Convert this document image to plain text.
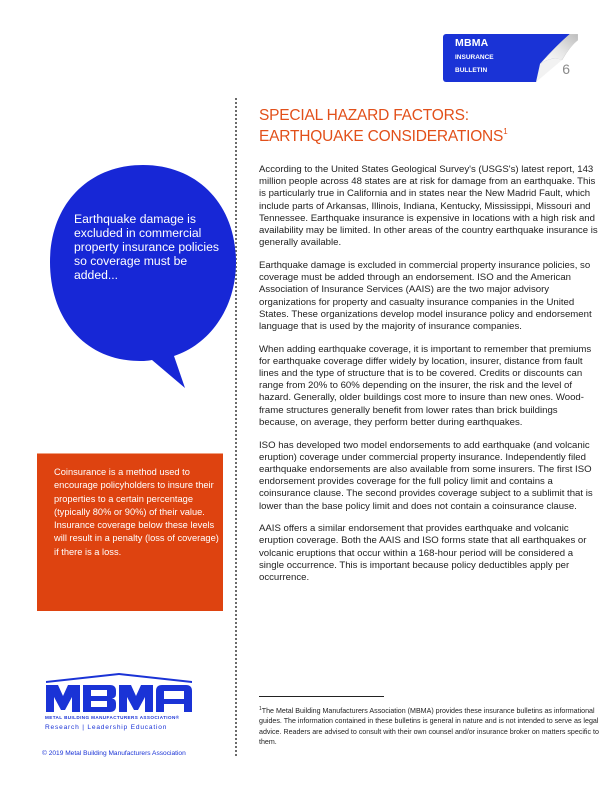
MBMA
INSURANCE
BULLETIN	6
SPECIAL HAZARD FACTORS:
EARTHQUAKE CONSIDERATIONS$^1$

According to the United States Geological Survey's (USGS's) latest report, 143 million people across 48 states are at risk for damage from an earthquake. This is particularly true in California and in states near the New Madrid Fault, which include parts of Arkansas, Illinois, Indiana, Kentucky, Mississippi, Missouri and Tennessee. Earthquake insurance is expensive in locations with a high risk and availability may be limited. In other areas of the country earthquake insurance is generally available.

Earthquake damage is excluded in commercial property insurance policies, so coverage must be added through an endorsement. ISO and the American Association of Insurance Services (AAIS) are the two major advisory organizations for property and casualty insurance companies in the United States. These organizations develop model insurance policy and endorsement language that is used by the majority of insurance companies.

When adding earthquake coverage, it is important to remember that premiums for earthquake coverage differ widely by location, insurer, distance from fault lines and the type of structure that is to be covered. Credits or discounts can range from 20% to 60% depending on the insurer, the risk and the level of hazard. Generally, older buildings cost more to insure than new ones. Wood-frame structures generally benefit from lower rates than brick buildings because, on average, they perform better during earthquakes.

ISO has developed two model endorsements to add earthquake (and volcanic eruption) coverage under commercial property insurance. Independently filed earthquake endorsements are also available from some insurers. The first ISO endorsement provides coverage for the full policy limit and contains a coinsurance clause. The second provides coverage subject to a sublimit that is lower than the base policy limit and does not contain a coinsurance clause.

AAIS offers a similar endorsement that provides earthquake and volcanic eruption coverage. Both the AAIS and ISO forms state that all earthquakes or volcanic eruptions that occur within a 168-hour period will be considered a single occurrence. This is important because policy deductibles apply per occurrence.

Earthquake damage is excluded in commercial property insurance policies so coverage must be added...
Coinsurance is a method used to encourage policyholders to insure their properties to a certain percentage (typically 80% or 90%) of their value. Insurance coverage below these levels will result in a penalty (loss of coverage) if there is a loss.
METAL BUILDING MANUFACTURERS ASSOCIATION®
Research | Leadership Education
© 2019 Metal Building Manufacturers Association
$^1$The Metal Building Manufacturers Association (MBMA) provides these insurance bulletins as informational guides. The information contained in these bulletins is general in nature and is not intended to serve as legal advice. Readers are advised to consult with their own counsel and/or insurance broker on matters specific to them.
